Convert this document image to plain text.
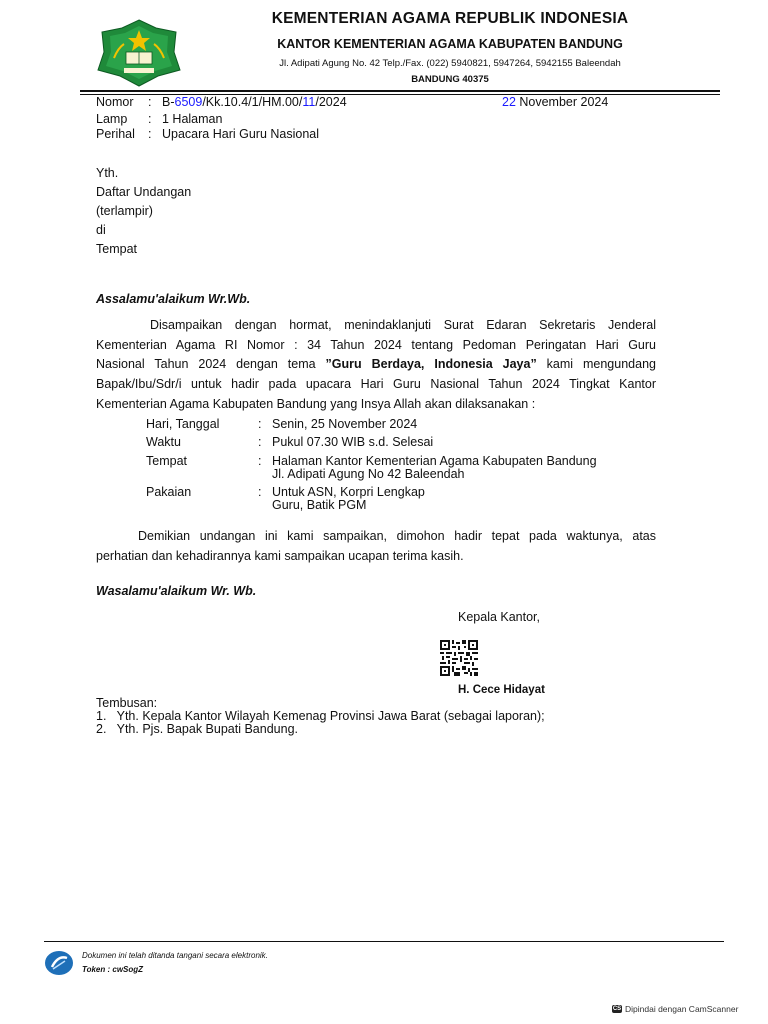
KEMENTERIAN AGAMA REPUBLIK INDONESIA
KANTOR KEMENTERIAN AGAMA KABUPATEN BANDUNG
Jl. Adipati Agung No. 42 Telp./Fax. (022) 5940821, 5947264, 5942155 Baleendah
BANDUNG 40375
Nomor : B-6509/Kk.10.4/1/HM.00/11/2024	22 November 2024
Lamp : 1 Halaman
Perihal : Upacara Hari Guru Nasional
Yth.
Daftar Undangan
(terlampir)
di
Tempat
Assalamu'alaikum Wr.Wb.
Disampaikan dengan hormat, menindaklanjuti Surat Edaran Sekretaris Jenderal
Kementerian Agama RI Nomor : 34 Tahun 2024 tentang Pedoman Peringatan Hari Guru
Nasional Tahun 2024 dengan tema ”Guru Berdaya, Indonesia Jaya” kami mengundang
Bapak/Ibu/Sdr/i untuk hadir pada upacara Hari Guru Nasional Tahun 2024 Tingkat Kantor
Kementerian Agama Kabupaten Bandung yang Insya Allah akan dilaksanakan :
Hari, Tanggal	: Senin, 25 November 2024
Waktu	: Pukul 07.30 WIB s.d. Selesai
Tempat	: Halaman Kantor Kementerian Agama Kabupaten Bandung
Jl. Adipati Agung No 42 Baleendah
Pakaian	: Untuk ASN, Korpri Lengkap
Guru, Batik PGM
Demikian undangan ini kami sampaikan, dimohon hadir tepat pada waktunya, atas
perhatian dan kehadirannya kami sampaikan ucapan terima kasih.
Wasalamu'alaikum Wr. Wb.
Kepala Kantor,
H. Cece Hidayat
Tembusan:
1.   Yth. Kepala Kantor Wilayah Kemenag Provinsi Jawa Barat (sebagai laporan);
2.   Yth. Pjs. Bapak Bupati Bandung.
Dokumen ini telah ditanda tangani secara elektronik.
Token : cwSogZ
CS Dipindai dengan CamScanner
